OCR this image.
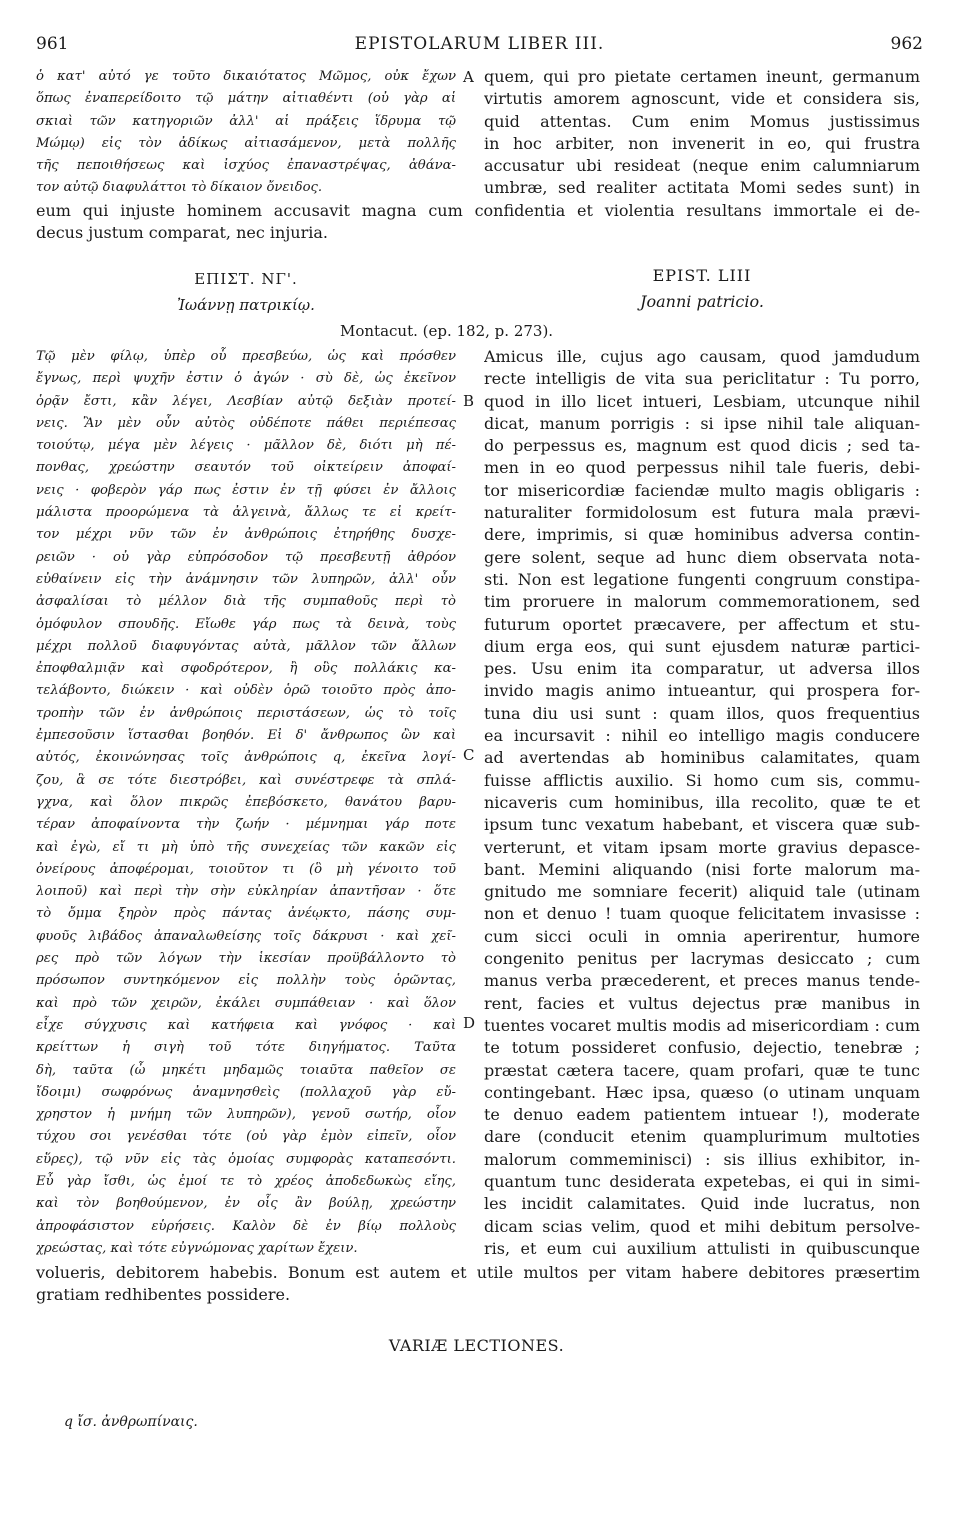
961	EPISTOLARUM LIBER III.	962
ὁ κατ' αὐτό γε τοῦτο δικαιότατος Μῶμος, οὐκ ἔχων
ὅπως ἐναπερείδοιτο τῷ μάτην αἰτιαθέντι (οὐ γὰρ αἱ
σκιαὶ τῶν κατηγοριῶν ἀλλ' αἱ πράξεις ἵδρυμα τῷ
Μώμῳ) εἰς τὸν ἀδίκως αἰτιασάμενον, μετὰ πολλῆς
τῆς πεποιθήσεως καὶ ἰσχύος ἐπαναστρέψας, ἀθάνα-
τον αὐτῷ διαφυλάττοι τὸ δίκαιον ὄνειδος.
quem, qui pro pietate certamen ineunt, germanum
virtutis amorem agnoscunt, vide et considera sis,
quid attentas. Cum enim Momus justissimus
in hoc arbiter, non invenerit in eo, qui frustra
accusatur ubi resideat (neque enim calumniarum
umbræ, sed realiter actitata Momi sedes sunt) in
A
eum qui injuste hominem accusavit magna cum confidentia et violentia resultans immortale ei de-
decus justum comparat, nec injuria.
ΕΠΙΣΤ. ΝΓ'.
Ἰωάννῃ πατρικίῳ.
EPIST. LIII
Joanni patricio.
Montacut. (ep. 182, p. 273).
Τῷ μὲν φίλῳ, ὑπὲρ οὗ πρεσβεύω, ὡς καὶ πρόσθεν
ἔγνως, περὶ ψυχῆν ἐστιν ὁ ἀγών · σὺ δὲ, ὡς ἐκεῖνον
ὁρᾷν ἔστι, κἂν λέγει, Λεσβίαν αὐτῷ δεξιὰν προτεί-
νεις. Ἂν μὲν οὖν αὐτὸς οὐδέποτε πάθει περιέπεσας
τοιούτῳ, μέγα μὲν λέγεις · μᾶλλον δὲ, διότι μὴ πέ-
πονθας, χρεώστην σεαυτόν τοῦ οἰκτείρειν ἀποφαί-
νεις · φοβερὸν γάρ πως ἐστιν ἐν τῇ φύσει ἐν ἄλλοις
μάλιστα προορώμενα τὰ ἀλγεινὰ, ἄλλως τε εἰ κρείτ-
τον μέχρι νῦν τῶν ἐν ἀνθρώποις ἐτηρήθης δυσχε-
ρειῶν · οὐ γὰρ εὐπρόσοδον τῷ πρεσβευτῇ ἀθρόον
εὐθαίνειν εἰς τὴν ἀνάμνησιν τῶν λυπηρῶν, ἀλλ' οὖν
ἀσφαλίσαι τὸ μέλλον διὰ τῆς συμπαθοῦς περὶ τὸ
ὁμόφυλον σπουδῆς. Εἴωθε γάρ πως τὰ δεινὰ, τοὺς
μέχρι πολλοῦ διαφυγόντας αὐτὰ, μᾶλλον τῶν ἄλλων
ἐποφθαλμιᾷν καὶ σφοδρότερον, ἢ οὓς πολλάκις κα-
τελάβοντο, διώκειν · καὶ οὐδὲν ὁρῶ τοιοῦτο πρὸς ἀπο-
τροπὴν τῶν ἐν ἀνθρώποις περιστάσεων, ὡς τὸ τοῖς
ἐμπεσοῦσιν ἵστασθαι βοηθόν. Εἰ δ' ἄνθρωπος ὢν καὶ
αὐτός, ἐκοινώνησας τοῖς ἀνθρώποις q, ἐκεῖνα λογί-
ζου, ἃ σε τότε διεστρόβει, καὶ συνέστρεφε τὰ σπλά-
γχνα, καὶ ὅλον πικρῶς ἐπεβόσκετο, θανάτου βαρυ-
τέραν ἀποφαίνοντα τὴν ζωήν · μέμνημαι γάρ ποτε
καὶ ἐγὼ, εἴ τι μὴ ὑπὸ τῆς συνεχείας τῶν κακῶν εἰς
ὀνείρους ἀποφέρομαι, τοιοῦτον τι (ὃ μὴ γένοιτο τοῦ
λοιποῦ) καὶ περὶ τὴν σὴν εὐκληρίαν ἀπαντῆσαν · ὅτε
τὸ ὄμμα ξηρὸν πρὸς πάντας ἀνέῳκτο, πάσης συμ-
φυοῦς λιβάδος ἀπαναλωθείσης τοῖς δάκρυσι · καὶ χεῖ-
ρες πρὸ τῶν λόγων τὴν ἱκεσίαν προϋβάλλοντο τὸ
πρόσωπον συντηκόμενον εἰς πολλὴν τοὺς ὁρῶντας,
καὶ πρὸ τῶν χειρῶν, ἐκάλει συμπάθειαν · καὶ ὅλον
εἶχε σύγχυσις καὶ κατήφεια καὶ γνόφος · καὶ
κρείττων ἡ σιγὴ τοῦ τότε διηγήματος. Ταῦτα
δὴ, ταῦτα (ὦ μηκέτι μηδαμῶς τοιαῦτα παθεῖον σε
ἴδοιμι) σωφρόνως ἀναμνησθεὶς (πολλαχοῦ γὰρ εὔ-
χρηστον ἡ μνήμη τῶν λυπηρῶν), γενοῦ σωτήρ, οἷον
τύχου σοι γενέσθαι τότε (οὐ γὰρ ἐμὸν εἰπεῖν, οἷον
εὕρες), τῷ νῦν εἰς τὰς ὁμοίας συμφορὰς καταπεσόντι.
Εὖ γὰρ ἴσθι, ὡς ἐμοί τε τὸ χρέος ἀποδεδωκὼς εἴης,
καὶ τὸν βοηθούμενον, ἐν οἷς ἂν βούλῃ, χρεώστην
ἀπροφάσιστον εὑρήσεις. Καλὸν δὲ ἐν βίῳ πολλοὺς
χρεώστας, καὶ τότε εὐγνώμονας χαρίτων ἔχειν.
Amicus ille, cujus ago causam, quod jamdudum
recte intelligis de vita sua periclitatur : Tu porro,
quod in illo licet intueri, Lesbiam, utcunque nihil
dicat, manum porrigis : si ipse nihil tale aliquan-
do perpessus es, magnum est quod dicis ; sed ta-
men in eo quod perpessus nihil tale fueris, debi-
tor misericordiæ faciendæ multo magis obligaris :
naturaliter formidolosum est futura mala prævi-
dere, imprimis, si quæ hominibus adversa contin-
gere solent, seque ad hunc diem observata nota-
sti. Non est legatione fungenti congruum constipa-
tim proruere in malorum commemorationem, sed
futurum oportet præcavere, per affectum et stu-
dium erga eos, qui sunt ejusdem naturæ partici-
pes. Usu enim ita comparatur, ut adversa illos
invido magis animo intueantur, qui prospera for-
tuna diu usi sunt : quam illos, quos frequentius
ea incursavit : nihil eo intelligo magis conducere
ad avertendas ab hominibus calamitates, quam
fuisse afflictis auxilio. Si homo cum sis, commu-
nicaveris cum hominibus, illa recolito, quæ te et
ipsum tunc vexatum habebant, et viscera quæ sub-
verterunt, et vitam ipsam morte gravius depasce-
bant. Memini aliquando (nisi forte malorum ma-
gnitudo me somniare fecerit) aliquid tale (utinam
non et denuo ! tuam quoque felicitatem invasisse :
cum sicci oculi in omnia aperirentur, humore
congenito penitus per lacrymas desiccato ; cum
manus verba præcederent, et preces manus tende-
rent, facies et vultus dejectus præ manibus in
tuentes vocaret multis modis ad misericordiam : cum
te totum possideret confusio, dejectio, tenebræ ;
præstat cætera tacere, quam profari, quæ te tunc
contingebant. Hæc ipsa, quæso (o utinam unquam
te denuo eadem patientem intuear !), moderate
dare (conducit etenim quamplurimum multoties
malorum commeminisci) : sis illius exhibitor, in-
quantum tunc desiderata expetebas, ei qui in simi-
les incidit calamitates. Quid inde lucratus, non
dicam scias velim, quod et mihi debitum persolve-
ris, et eum cui auxilium attulisti in quibuscunque
B
C
D
volueris, debitorem habebis. Bonum est autem et utile multos per vitam habere debitores præsertim
gratiam redhibentes possidere.
VARIÆ LECTIONES.
q ἴσ. ἀνθρωπίναις.
